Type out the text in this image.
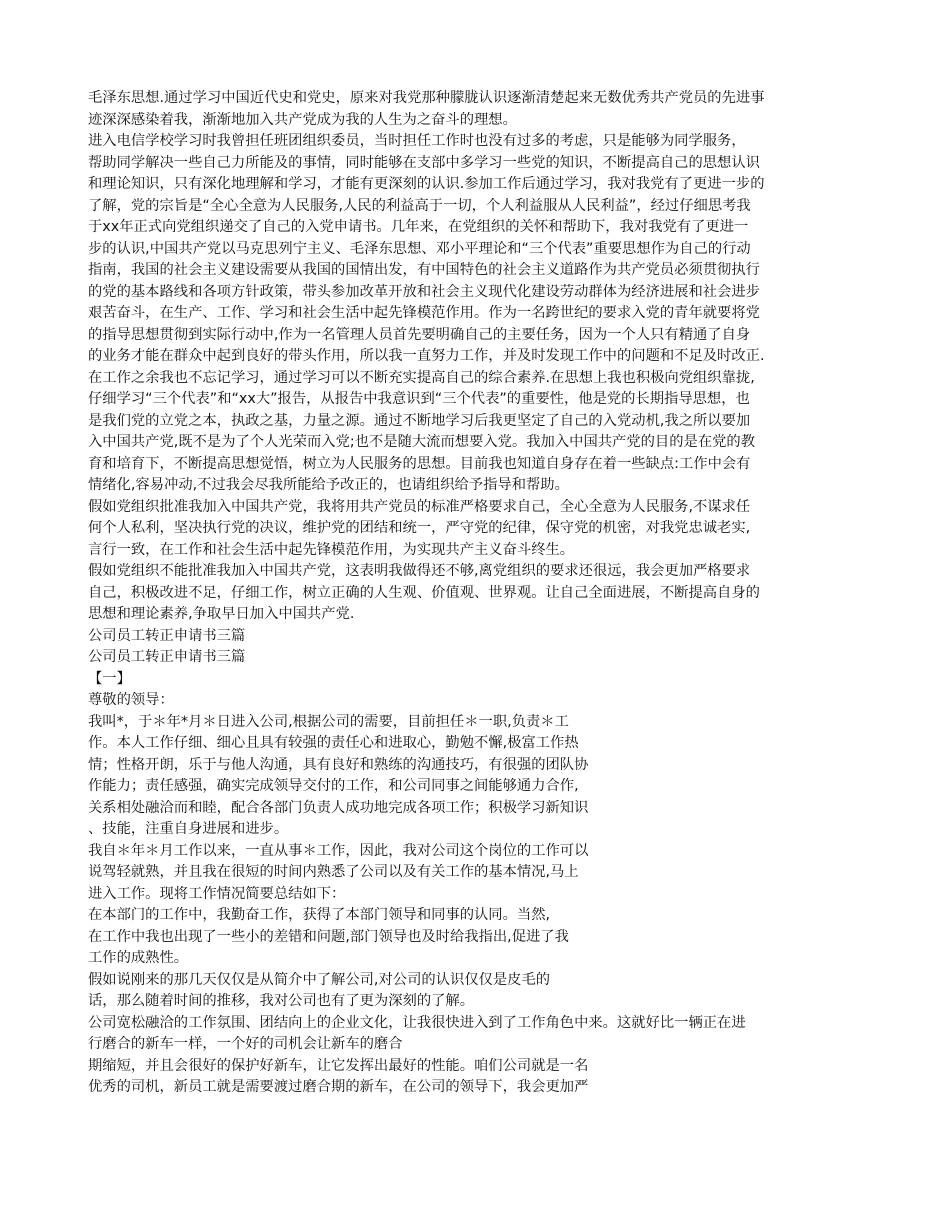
毛泽东思想.通过学习中国近代史和党史，原来对我党那种朦胧认识逐渐清楚起来无数优秀共产党员的先进事
迹深深感染着我，渐渐地加入共产党成为我的人生为之奋斗的理想。
进入电信学校学习时我曾担任班团组织委员，当时担任工作时也没有过多的考虑，只是能够为同学服务，
帮助同学解决一些自己力所能及的事情，同时能够在支部中多学习一些党的知识，不断提高自己的思想认识
和理论知识，只有深化地理解和学习，才能有更深刻的认识.参加工作后通过学习，我对我党有了更进一步的
了解，党的宗旨是“全心全意为人民服务,人民的利益高于一切，个人利益服从人民利益”，经过仔细思考我
于xx年正式向党组织递交了自己的入党申请书。几年来，在党组织的关怀和帮助下，我对我党有了更进一
步的认识,中国共产党以马克思列宁主义、毛泽东思想、邓小平理论和“三个代表”重要思想作为自己的行动
指南，我国的社会主义建设需要从我国的国情出发，有中国特色的社会主义道路作为共产党员必须贯彻执行
的党的基本路线和各项方针政策，带头参加改革开放和社会主义现代化建设劳动群体为经济进展和社会进步
艰苦奋斗，在生产、工作、学习和社会生活中起先锋模范作用。作为一名跨世纪的要求入党的青年就要将党
的指导思想贯彻到实际行动中,作为一名管理人员首先要明确自己的主要任务，因为一个人只有精通了自身
的业务才能在群众中起到良好的带头作用，所以我一直努力工作，并及时发现工作中的问题和不足及时改正.
在工作之余我也不忘记学习，通过学习可以不断充实提高自己的综合素养.在思想上我也积极向党组织靠拢,
仔细学习“三个代表”和“xx大”报告，从报告中我意识到“三个代表”的重要性，他是党的长期指导思想，也
是我们党的立党之本，执政之基，力量之源。通过不断地学习后我更坚定了自己的入党动机,我之所以要加
入中国共产党,既不是为了个人光荣而入党;也不是随大流而想要入党。我加入中国共产党的目的是在党的教
育和培育下，不断提高思想觉悟，树立为人民服务的思想。目前我也知道自身存在着一些缺点:工作中会有
情绪化,容易冲动,不过我会尽我所能给予改正的，也请组织给予指导和帮助。
假如党组织批准我加入中国共产党，我将用共产党员的标准严格要求自己，全心全意为人民服务,不谋求任
何个人私利，坚决执行党的决议，维护党的团结和统一，严守党的纪律，保守党的机密，对我党忠诚老实,
言行一致，在工作和社会生活中起先锋模范作用，为实现共产主义奋斗终生。
假如党组织不能批准我加入中国共产党，这表明我做得还不够,离党组织的要求还很远，我会更加严格要求
自己，积极改进不足，仔细工作，树立正确的人生观、价值观、世界观。让自己全面进展，不断提高自身的
思想和理论素养,争取早日加入中国共产党.
公司员工转正申请书三篇
公司员工转正申请书三篇
【一】
尊敬的领导：
我叫*，于＊年*月＊日进入公司,根据公司的需要，目前担任＊一职,负责＊工
作。本人工作仔细、细心且具有较强的责任心和进取心，勤勉不懈,极富工作热
情；性格开朗，乐于与他人沟通，具有良好和熟练的沟通技巧，有很强的团队协
作能力；责任感强，确实完成领导交付的工作，和公司同事之间能够通力合作,
关系相处融洽而和睦，配合各部门负责人成功地完成各项工作；积极学习新知识
、技能，注重自身进展和进步。
我自＊年＊月工作以来，一直从事＊工作，因此，我对公司这个岗位的工作可以
说驾轻就熟，并且我在很短的时间内熟悉了公司以及有关工作的基本情况,马上
进入工作。现将工作情况简要总结如下：
在本部门的工作中，我勤奋工作，获得了本部门领导和同事的认同。当然,
在工作中我也出现了一些小的差错和问题,部门领导也及时给我指出,促进了我
工作的成熟性。
假如说刚来的那几天仅仅是从简介中了解公司,对公司的认识仅仅是皮毛的
话，那么随着时间的推移，我对公司也有了更为深刻的了解。
公司宽松融洽的工作氛围、团结向上的企业文化，让我很快进入到了工作角色中来。这就好比一辆正在进
行磨合的新车一样，一个好的司机会让新车的磨合
期缩短，并且会很好的保护好新车，让它发挥出最好的性能。咱们公司就是一名
优秀的司机，新员工就是需要渡过磨合期的新车，在公司的领导下，我会更加严
